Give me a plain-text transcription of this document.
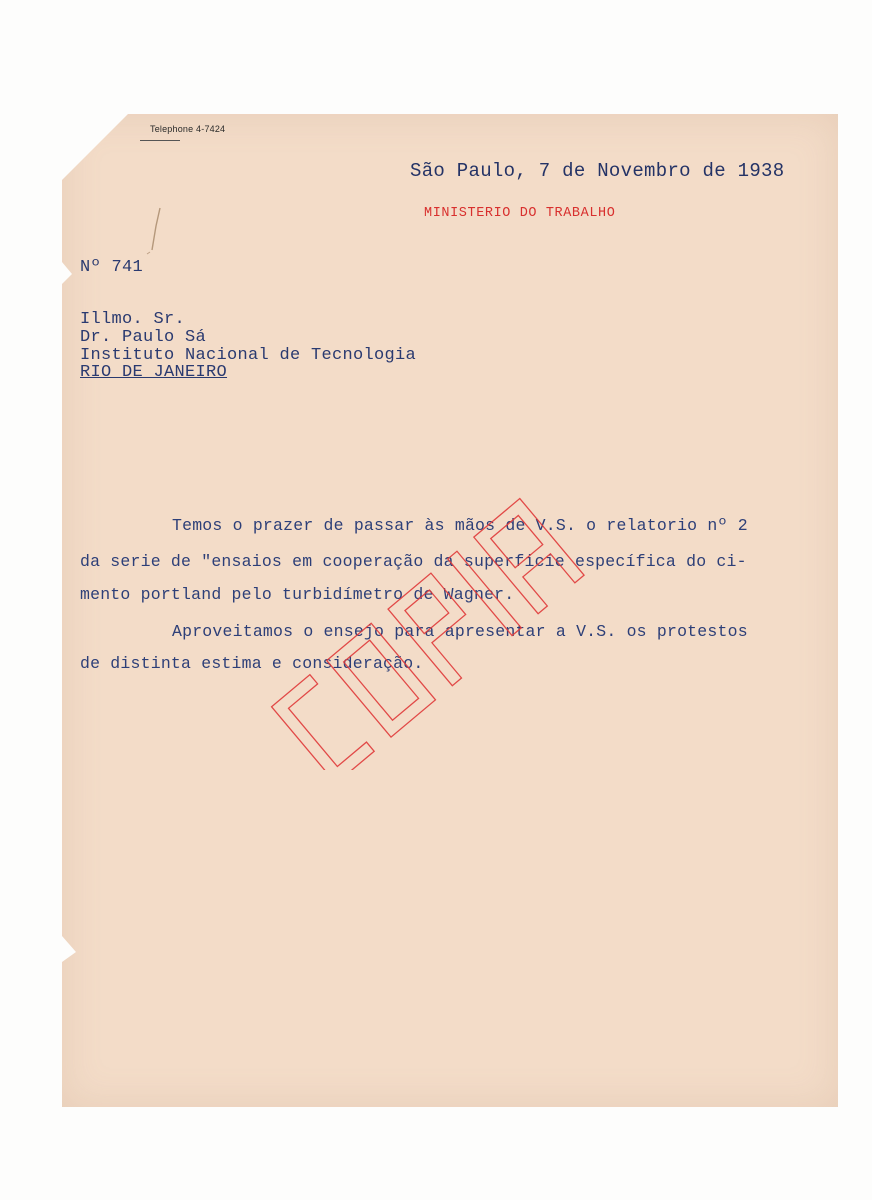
Telephone 4-7424
São Paulo, 7 de Novembro de 1938
MINISTERIO DO TRABALHO
Nº 741
Illmo. Sr.
Dr. Paulo Sá
Instituto Nacional de Tecnologia
RIO DE JANEIRO
Temos o prazer de passar às mãos de V.S. o relatorio nº 2
da serie de "ensaios em cooperação da superficie específica do ci-
mento portland pelo turbidímetro de Wagner.
Aproveitamos o ensejo para apresentar a V.S. os protestos
de distinta estima e consideração.
